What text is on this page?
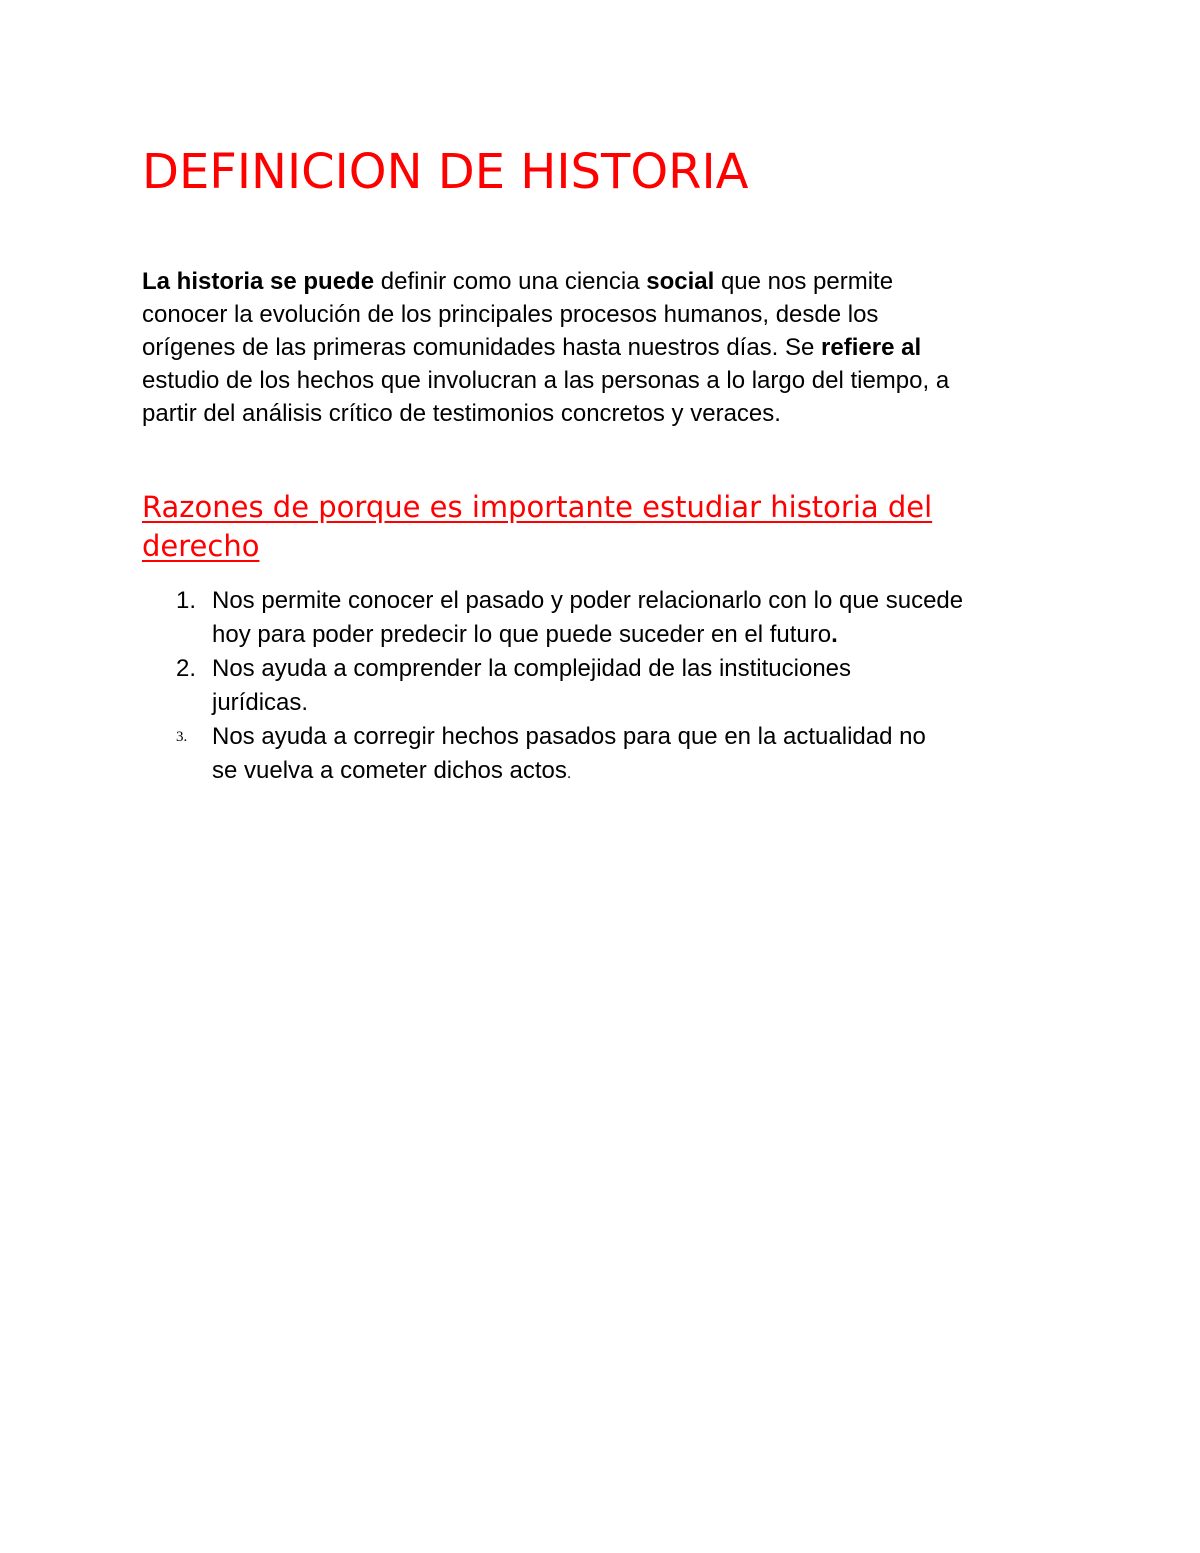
DEFINICION DE HISTORIA

La historia se puede definir como una ciencia social que nos permite
conocer la evolución de los principales procesos humanos, desde los
orígenes de las primeras comunidades hasta nuestros días. Se refiere al
estudio de los hechos que involucran a las personas a lo largo del tiempo, a
partir del análisis crítico de testimonios concretos y veraces.

Razones de porque es importante estudiar historia del
derecho
1. Nos permite conocer el pasado y poder relacionarlo con lo que sucede
hoy para poder predecir lo que puede suceder en el futuro.
2. Nos ayuda a comprender la complejidad de las instituciones
jurídicas.
3. Nos ayuda a corregir hechos pasados para que en la actualidad no
se vuelva a cometer dichos actos.
